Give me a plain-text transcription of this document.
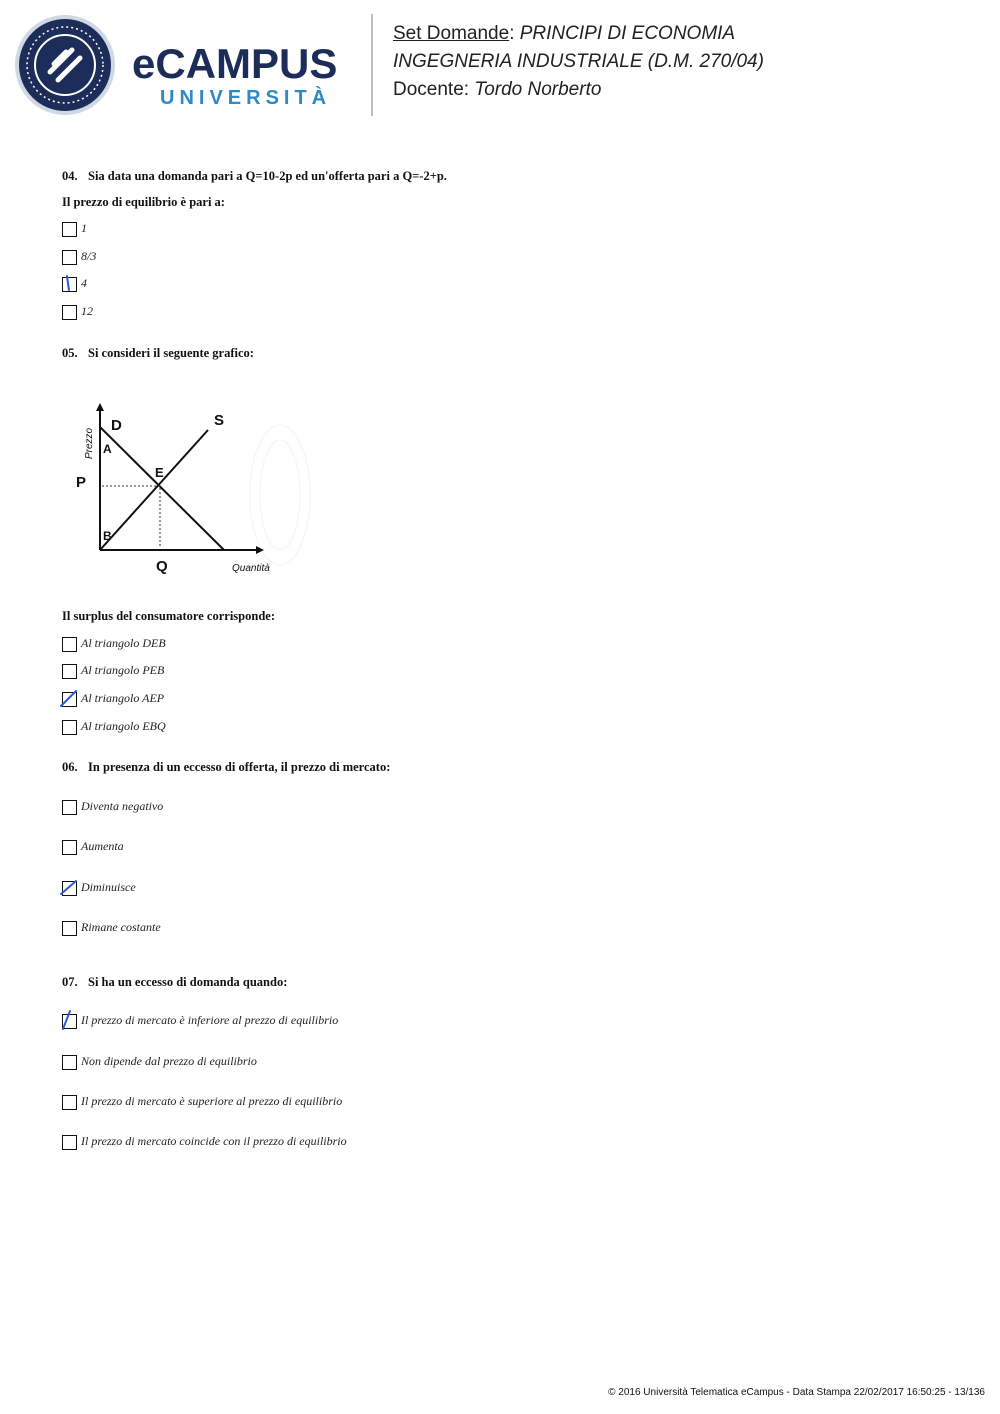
eCAMPUS
UNIVERSITÀ
Set Domande: PRINCIPI DI ECONOMIA
INGEGNERIA INDUSTRIALE (D.M. 270/04)
Docente: Tordo Norberto
04. Sia data una domanda pari a Q=10-2p ed un'offerta pari a Q=-2+p.
Il prezzo di equilibrio è pari a:
1
8/3
4
12
05. Si consideri il seguente grafico:
D	S
A
E
P
B
Q
Prezzo
Quantità
Il surplus del consumatore corrisponde:
Al triangolo DEB
Al triangolo PEB
Al triangolo AEP
Al triangolo EBQ
06. In presenza di un eccesso di offerta, il prezzo di mercato:
Diventa negativo
Aumenta
Diminuisce
Rimane costante
07. Si ha un eccesso di domanda quando:
Il prezzo di mercato è inferiore al prezzo di equilibrio
Non dipende dal prezzo di equilibrio
Il prezzo di mercato è superiore al prezzo di equilibrio
Il prezzo di mercato coincide con il prezzo di equilibrio
© 2016 Università Telematica eCampus - Data Stampa 22/02/2017 16:50:25 - 13/136
